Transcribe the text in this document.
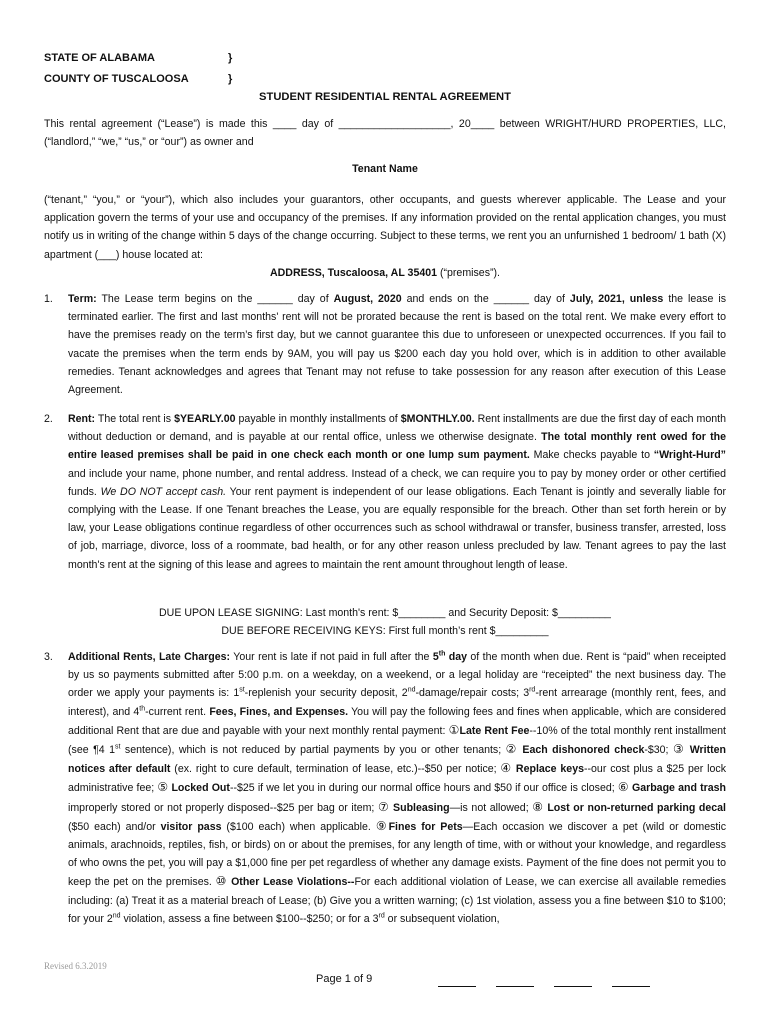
STATE OF ALABAMA	}
COUNTY OF TUSCALOOSA	}
STUDENT RESIDENTIAL RENTAL AGREEMENT
This rental agreement (“Lease”) is made this ____ day of ___________________, 20____ between WRIGHT/HURD PROPERTIES, LLC, (“landlord,” “we,” “us,” or “our”) as owner and
Tenant Name
(“tenant,” “you,” or “your”), which also includes your guarantors, other occupants, and guests wherever applicable. The Lease and your application govern the terms of your use and occupancy of the premises. If any information provided on the rental application changes, you must notify us in writing of the change within 5 days of the change occurring. Subject to these terms, we rent you an unfurnished 1 bedroom/ 1 bath (X) apartment (___) house located at:
ADDRESS, Tuscaloosa, AL 35401 (“premises”).
1.	Term: The Lease term begins on the ______ day of August, 2020 and ends on the ______ day of July, 2021, unless the lease is terminated earlier. The first and last months' rent will not be prorated because the rent is based on the total rent. We make every effort to have the premises ready on the term’s first day, but we cannot guarantee this due to unforeseen or unexpected occurrences. If you fail to vacate the premises when the term ends by 9AM, you will pay us $200 each day you hold over, which is in addition to other available remedies. Tenant acknowledges and agrees that Tenant may not refuse to take possession for any reason after execution of this Lease Agreement.
2.	Rent: The total rent is $YEARLY.00 payable in monthly installments of $MONTHLY.00. Rent installments are due the first day of each month without deduction or demand, and is payable at our rental office, unless we otherwise designate. The total monthly rent owed for the entire leased premises shall be paid in one check each month or one lump sum payment. Make checks payable to “Wright-Hurd” and include your name, phone number, and rental address. Instead of a check, we can require you to pay by money order or other certified funds. We DO NOT accept cash. Your rent payment is independent of our lease obligations. Each Tenant is jointly and severally liable for complying with the Lease. If one Tenant breaches the Lease, you are equally responsible for the breach. Other than set forth herein or by law, your Lease obligations continue regardless of other occurrences such as school withdrawal or transfer, business transfer, arrested, loss of job, marriage, divorce, loss of a roommate, bad health, or for any other reason unless precluded by law. Tenant agrees to pay the last month's rent at the signing of this lease and agrees to maintain the rent amount throughout length of lease.
DUE UPON LEASE SIGNING: Last month's rent: $________ and Security Deposit: $_________
DUE BEFORE RECEIVING KEYS: First full month’s rent $_________
3.	Additional Rents, Late Charges: Your rent is late if not paid in full after the 5th day of the month when due. Rent is “paid” when receipted by us so payments submitted after 5:00 p.m. on a weekday, on a weekend, or a legal holiday are “receipted” the next business day. The order we apply your payments is: 1st-replenish your security deposit, 2nd-damage/repair costs; 3rd-rent arrearage (monthly rent, fees, and interest), and 4th-current rent. Fees, Fines, and Expenses. You will pay the following fees and fines when applicable, which are considered additional Rent that are due and payable with your next monthly rental payment: ①Late Rent Fee--10% of the total monthly rent installment (see ¶4 1st sentence), which is not reduced by partial payments by you or other tenants; ② Each dishonored check-$30; ③ Written notices after default (ex. right to cure default, termination of lease, etc.)--$50 per notice; ④ Replace keys--our cost plus a $25 per lock administrative fee; ⑤ Locked Out--$25 if we let you in during our normal office hours and $50 if our office is closed; ⑥ Garbage and trash improperly stored or not properly disposed--$25 per bag or item; ⑦ Subleasing—is not allowed; ⑧ Lost or non-returned parking decal ($50 each) and/or visitor pass ($100 each) when applicable. ⑨Fines for Pets—Each occasion we discover a pet (wild or domestic animals, arachnoids, reptiles, fish, or birds) on or about the premises, for any length of time, with or without your knowledge, and regardless of who owns the pet, you will pay a $1,000 fine per pet regardless of whether any damage exists. Payment of the fine does not permit you to keep the pet on the premises. ⑩ Other Lease Violations--For each additional violation of Lease, we can exercise all available remedies including: (a) Treat it as a material breach of Lease; (b) Give you a written warning; (c) 1st violation, assess you a fine between $10 to $100; for your 2nd violation, assess a fine between $100--$250; or for a 3rd or subsequent violation,
Revised 6.3.2019
Page 1 of 9
